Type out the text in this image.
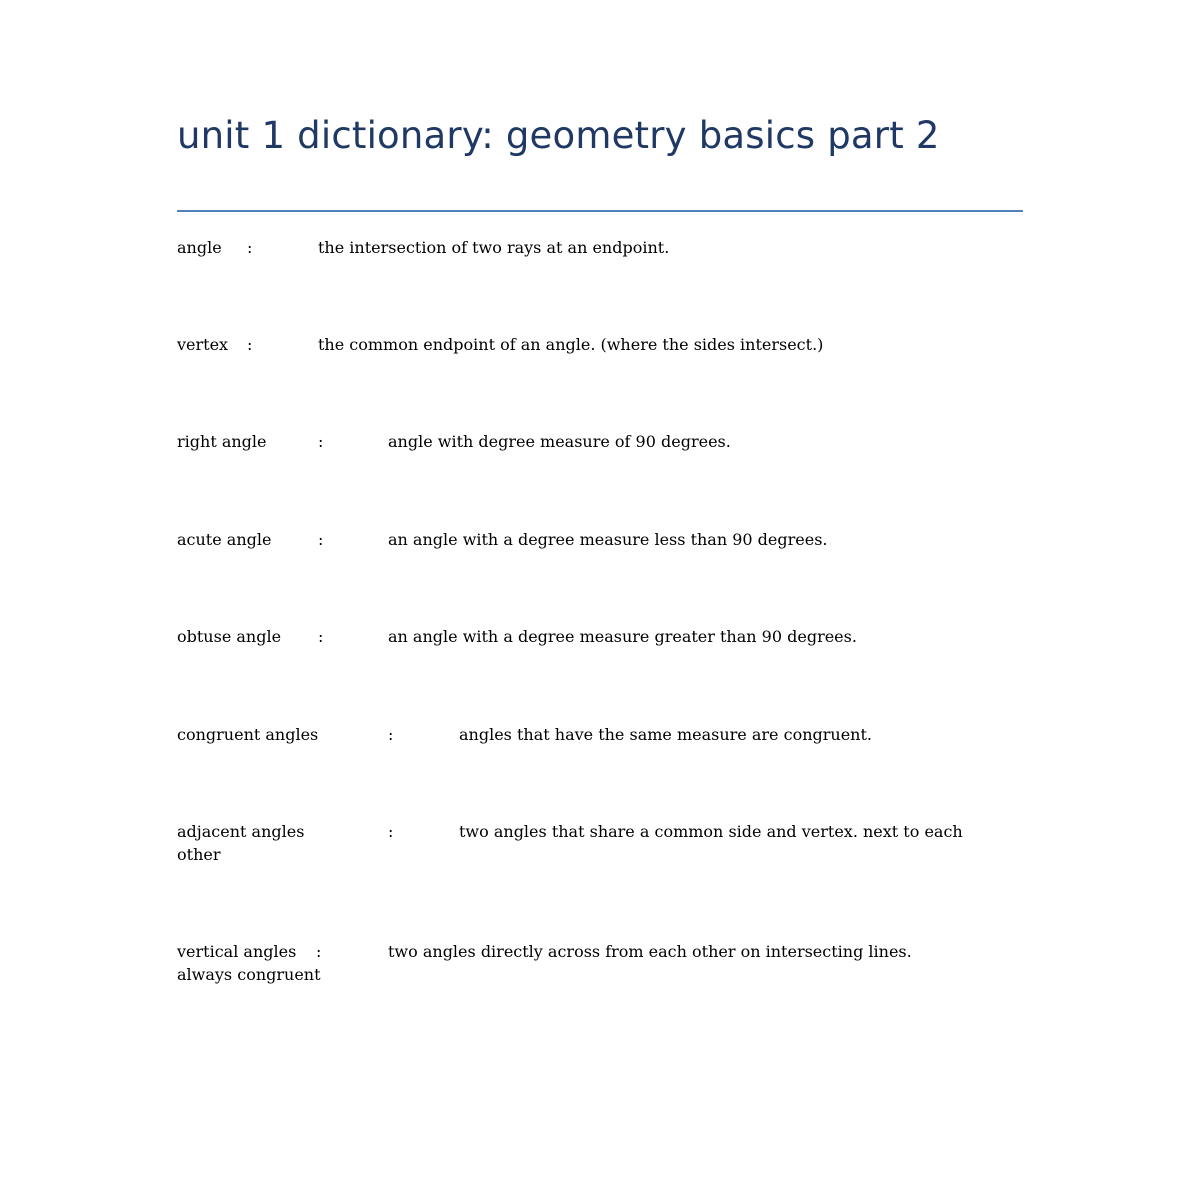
unit 1 dictionary: geometry basics part 2
angle :	the intersection of two rays at an endpoint.
vertex :	the common endpoint of an angle. (where the sides intersect.)
right angle	:	angle with degree measure of 90 degrees.
acute angle	:	an angle with a degree measure less than 90 degrees.
obtuse angle :	an angle with a degree measure greater than 90 degrees.
congruent angles	:	angles that have the same measure are congruent.
adjacent angles	:	two angles that share a common side and vertex. next to each
other
vertical angles :	two angles directly across from each other on intersecting lines.
always congruent
